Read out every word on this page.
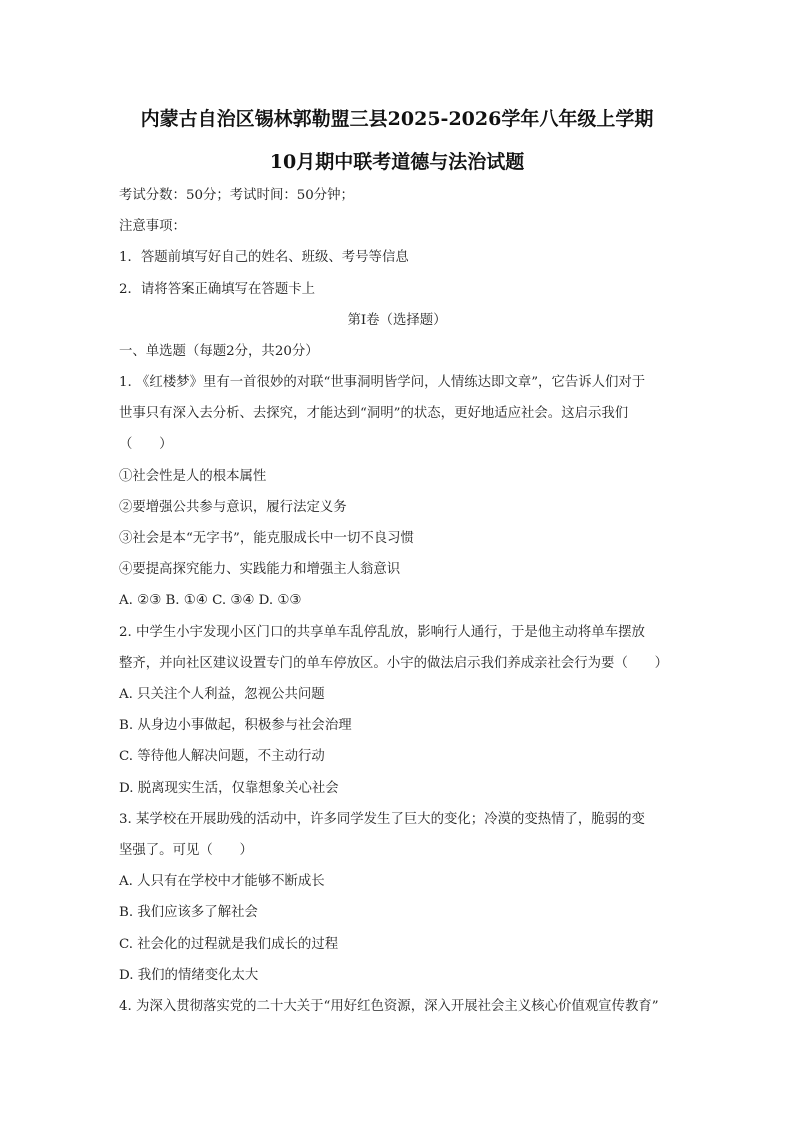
内蒙古自治区锡林郭勒盟三县2025-2026学年八年级上学期
10月期中联考道德与法治试题
考试分数：50分；考试时间：50分钟；
注意事项：
1．答题前填写好自己的姓名、班级、考号等信息
2．请将答案正确填写在答题卡上
第I卷（选择题）
一、单选题（每题2分，共20分）
1. 《红楼梦》里有一首很妙的对联“世事洞明皆学问，人情练达即文章”，它告诉人们对于
世事只有深入去分析、去探究，才能达到“洞明”的状态，更好地适应社会。这启示我们
（　　）
①社会性是人的根本属性
②要增强公共参与意识，履行法定义务
③社会是本“无字书”，能克服成长中一切不良习惯
④要提高探究能力、实践能力和增强主人翁意识
A. ②③ B. ①④ C. ③④ D. ①③
2. 中学生小宇发现小区门口的共享单车乱停乱放，影响行人通行，于是他主动将单车摆放
整齐，并向社区建议设置专门的单车停放区。小宇的做法启示我们养成亲社会行为要（　　）
A. 只关注个人利益，忽视公共问题
B. 从身边小事做起，积极参与社会治理
C. 等待他人解决问题，不主动行动
D. 脱离现实生活，仅靠想象关心社会
3. 某学校在开展助残的活动中，许多同学发生了巨大的变化；冷漠的变热情了，脆弱的变
坚强了。可见（　　）
A. 人只有在学校中才能够不断成长
B. 我们应该多了解社会
C. 社会化的过程就是我们成长的过程
D. 我们的情绪变化太大
4. 为深入贯彻落实党的二十大关于“用好红色资源，深入开展社会主义核心价值观宣传教育”
